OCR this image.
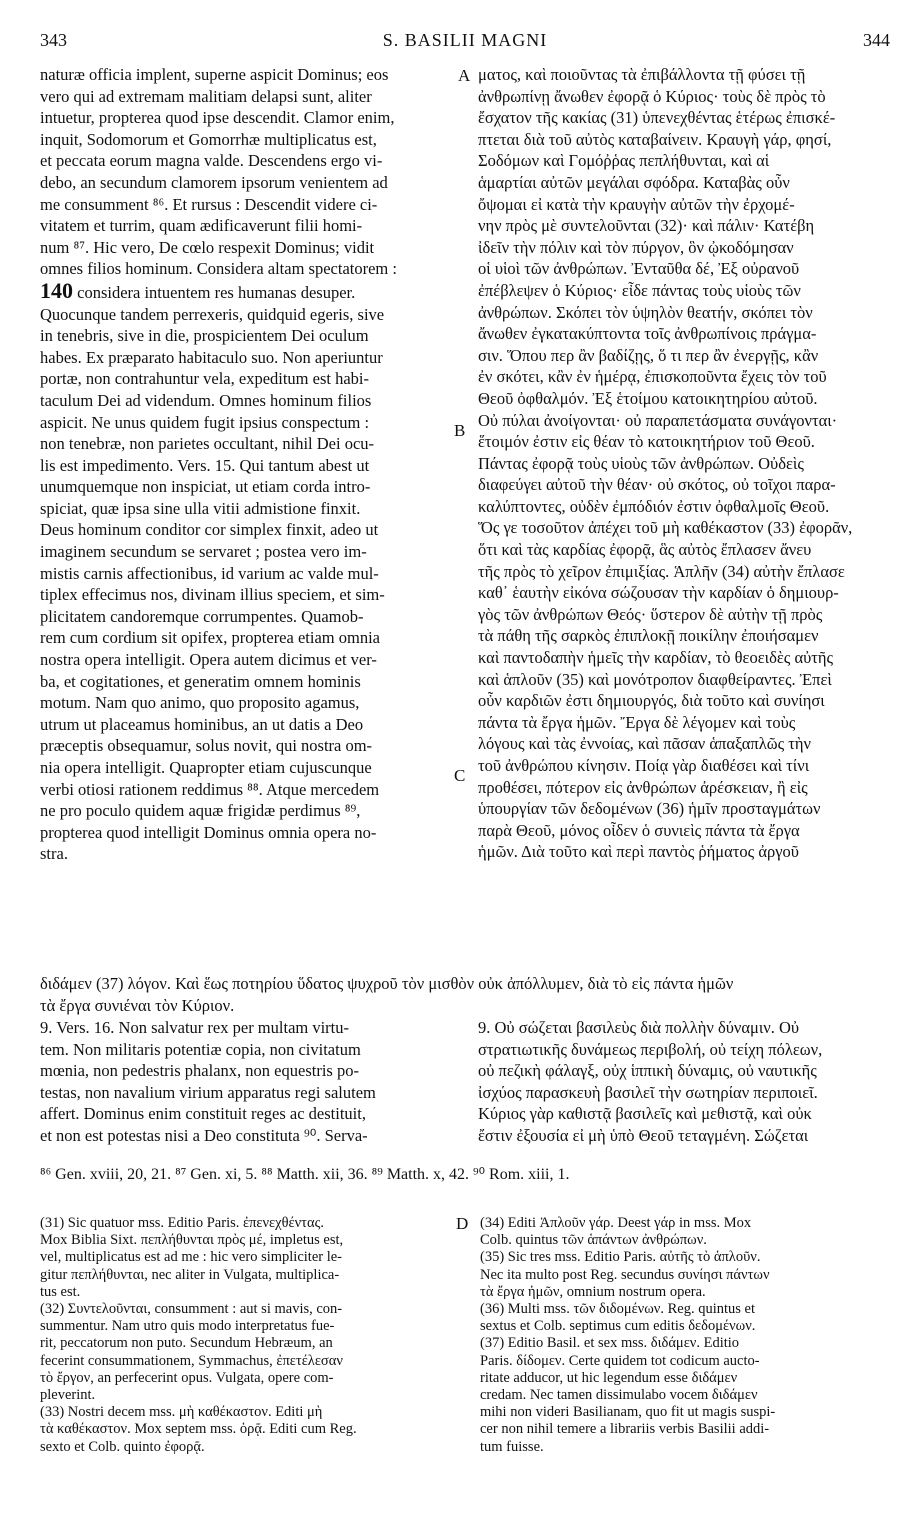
343	S. BASILII MAGNI	344
A
B
C
D
naturæ officia implent, superne aspicit Dominus; eos
vero qui ad extremam malitiam delapsi sunt, aliter
intuetur, propterea quod ipse descendit. Clamor enim,
inquit, Sodomorum et Gomorrhæ multiplicatus est,
et peccata eorum magna valde. Descendens ergo vi-
debo, an secundum clamorem ipsorum venientem ad
me consumment ⁸⁶. Et rursus : Descendit videre ci-
vitatem et turrim, quam ædificaverunt filii homi-
num ⁸⁷. Hic vero, De cœlo respexit Dominus; vidit
omnes filios hominum. Considera altam spectatorem :
140 considera intuentem res humanas desuper.
Quocunque tandem perrexeris, quidquid egeris, sive
in tenebris, sive in die, prospicientem Dei oculum
habes. Ex præparato habitaculo suo. Non aperiuntur
portæ, non contrahuntur vela, expeditum est habi-
taculum Dei ad videndum. Omnes hominum filios
aspicit. Ne unus quidem fugit ipsius conspectum :
non tenebræ, non parietes occultant, nihil Dei ocu-
lis est impedimento. Vers. 15. Qui tantum abest ut
unumquemque non inspiciat, ut etiam corda intro-
spiciat, quæ ipsa sine ulla vitii admistione finxit.
Deus hominum conditor cor simplex finxit, adeo ut
imaginem secundum se servaret ; postea vero im-
mistis carnis affectionibus, id varium ac valde mul-
tiplex effecimus nos, divinam illius speciem, et sim-
plicitatem candoremque corrumpentes. Quamob-
rem cum cordium sit opifex, propterea etiam omnia
nostra opera intelligit. Opera autem dicimus et ver-
ba, et cogitationes, et generatim omnem hominis
motum. Nam quo animo, quo proposito agamus,
utrum ut placeamus hominibus, an ut datis a Deo
præceptis obsequamur, solus novit, qui nostra om-
nia opera intelligit. Quapropter etiam cujuscunque
verbi otiosi rationem reddimus ⁸⁸. Atque mercedem
ne pro poculo quidem aquæ frigidæ perdimus ⁸⁹,
propterea quod intelligit Dominus omnia opera no-
stra.
ματος, καὶ ποιοῦντας τὰ ἐπιβάλλοντα τῇ φύσει τῇ
ἀνθρωπίνῃ ἄνωθεν ἐφορᾷ ὁ Κύριος· τοὺς δὲ πρὸς τὸ
ἔσχατον τῆς κακίας (31) ὑπενεχθέντας ἑτέρως ἐπισκέ-
πτεται διὰ τοῦ αὐτὸς καταβαίνειν. Κραυγὴ γάρ, φησί,
Σοδόμων καὶ Γομόῤῥας πεπλήθυνται, καὶ αἱ
ἁμαρτίαι αὐτῶν μεγάλαι σφόδρα. Καταβὰς οὖν
ὄψομαι εἰ κατὰ τὴν κραυγὴν αὐτῶν τὴν ἐρχομέ-
νην πρὸς μὲ συντελοῦνται (32)· καὶ πάλιν· Κατέβη
ἰδεῖν τὴν πόλιν καὶ τὸν πύργον, ὃν ᾠκοδόμησαν
οἱ υἱοὶ τῶν ἀνθρώπων. Ἐνταῦθα δέ, Ἐξ οὐρανοῦ
ἐπέβλεψεν ὁ Κύριος· εἶδε πάντας τοὺς υἱοὺς τῶν
ἀνθρώπων. Σκόπει τὸν ὑψηλὸν θεατήν, σκόπει τὸν
ἄνωθεν ἐγκατακύπτοντα τοῖς ἀνθρωπίνοις πράγμα-
σιν. Ὅπου περ ἂν βαδίζῃς, ὅ τι περ ἂν ἐνεργῇς, κἂν
ἐν σκότει, κἂν ἐν ἡμέρᾳ, ἐπισκοποῦντα ἔχεις τὸν τοῦ
Θεοῦ ὀφθαλμόν. Ἐξ ἑτοίμου κατοικητηρίου αὐτοῦ.
Οὐ πύλαι ἀνοίγονται· οὐ παραπετάσματα συνάγονται·
ἕτοιμόν ἐστιν εἰς θέαν τὸ κατοικητήριον τοῦ Θεοῦ.
Πάντας ἐφορᾷ τοὺς υἱοὺς τῶν ἀνθρώπων. Οὐδεὶς
διαφεύγει αὐτοῦ τὴν θέαν· οὐ σκότος, οὐ τοῖχοι παρα-
καλύπτοντες, οὐδὲν ἐμπόδιόν ἐστιν ὀφθαλμοῖς Θεοῦ.
Ὅς γε τοσοῦτον ἀπέχει τοῦ μὴ καθέκαστον (33) ἐφορᾶν,
ὅτι καὶ τὰς καρδίας ἐφορᾷ, ἃς αὐτὸς ἔπλασεν ἄνευ
τῆς πρὸς τὸ χεῖρον ἐπιμιξίας. Ἁπλῆν (34) αὐτὴν ἔπλασε
καθ᾽ ἑαυτὴν εἰκόνα σώζουσαν τὴν καρδίαν ὁ δημιουρ-
γὸς τῶν ἀνθρώπων Θεός· ὕστερον δὲ αὐτὴν τῇ πρὸς
τὰ πάθη τῆς σαρκὸς ἐπιπλοκῇ ποικίλην ἐποιήσαμεν
καὶ παντοδαπὴν ἡμεῖς τὴν καρδίαν, τὸ θεοειδὲς αὐτῆς
καὶ ἁπλοῦν (35) καὶ μονότροπον διαφθείραντες. Ἐπεὶ
οὖν καρδιῶν ἐστι δημιουργός, διὰ τοῦτο καὶ συνίησι
πάντα τὰ ἔργα ἡμῶν. Ἔργα δὲ λέγομεν καὶ τοὺς
λόγους καὶ τὰς ἐννοίας, καὶ πᾶσαν ἁπαξαπλῶς τὴν
τοῦ ἀνθρώπου κίνησιν. Ποίᾳ γὰρ διαθέσει καὶ τίνι
προθέσει, πότερον εἰς ἀνθρώπων ἀρέσκειαν, ἢ εἰς
ὑπουργίαν τῶν δεδομένων (36) ἡμῖν προσταγμάτων
παρὰ Θεοῦ, μόνος οἶδεν ὁ συνιεὶς πάντα τὰ ἔργα
ἡμῶν. Διὰ τοῦτο καὶ περὶ παντὸς ῥήματος ἀργοῦ
διδάμεν (37) λόγον. Καὶ ἕως ποτηρίου ὕδατος ψυχροῦ τὸν μισθὸν οὐκ ἀπόλλυμεν, διὰ τὸ εἰς πάντα ἡμῶν
τὰ ἔργα συνιέναι τὸν Κύριον.
9. Vers. 16. Non salvatur rex per multam virtu-
tem. Non militaris potentiæ copia, non civitatum
mœnia, non pedestris phalanx, non equestris po-
testas, non navalium virium apparatus regi salutem
affert. Dominus enim constituit reges ac destituit,
et non est potestas nisi a Deo constituta ⁹⁰. Serva-
9. Οὐ σώζεται βασιλεὺς διὰ πολλὴν δύναμιν. Οὐ
στρατιωτικῆς δυνάμεως περιβολή, οὐ τείχη πόλεων,
οὐ πεζικὴ φάλαγξ, οὐχ ἱππικὴ δύναμις, οὐ ναυτικῆς
ἰσχύος παρασκευὴ βασιλεῖ τὴν σωτηρίαν περιποιεῖ.
Κύριος γὰρ καθιστᾷ βασιλεῖς καὶ μεθιστᾷ, καὶ οὐκ
ἔστιν ἐξουσία εἰ μὴ ὑπὸ Θεοῦ τεταγμένη. Σώζεται
⁸⁶ Gen. xviii, 20, 21. ⁸⁷ Gen. xi, 5. ⁸⁸ Matth. xii, 36. ⁸⁹ Matth. x, 42. ⁹⁰ Rom. xiii, 1.
(31) Sic quatuor mss. Editio Paris. ἐπενεχθέντας.
Mox Biblia Sixt. πεπλήθυνται πρὸς μέ, impletus est,
vel, multiplicatus est ad me : hic vero simpliciter le-
gitur πεπλήθυνται, nec aliter in Vulgata, multiplica-
tus est.
(32) Συντελοῦνται, consumment : aut si mavis, con-
summentur. Nam utro quis modo interpretatus fue-
rit, peccatorum non puto. Secundum Hebræum, an
fecerint consummationem, Symmachus, ἐπετέλεσαν
τὸ ἔργον, an perfecerint opus. Vulgata, opere com-
pleverint.
(33) Nostri decem mss. μὴ καθέκαστον. Editi μὴ
τὰ καθέκαστον. Mox septem mss. ὁρᾷ. Editi cum Reg.
sexto et Colb. quinto ἐφορᾷ.
(34) Editi Ἁπλοῦν γάρ. Deest γάρ in mss. Mox
Colb. quintus τῶν ἁπάντων ἀνθρώπων.
(35) Sic tres mss. Editio Paris. αὐτῆς τὸ ἁπλοῦν.
Nec ita multo post Reg. secundus συνίησι πάντων
τὰ ἔργα ἡμῶν, omnium nostrum opera.
(36) Multi mss. τῶν διδομένων. Reg. quintus et
sextus et Colb. septimus cum editis δεδομένων.
(37) Editio Basil. et sex mss. διδάμεν. Editio
Paris. δίδομεν. Certe quidem tot codicum aucto-
ritate adducor, ut hic legendum esse διδάμεν
credam. Nec tamen dissimulabo vocem διδάμεν
mihi non videri Basilianam, quo fit ut magis suspi-
cer non nihil temere a librariis verbis Basilii addi-
tum fuisse.
